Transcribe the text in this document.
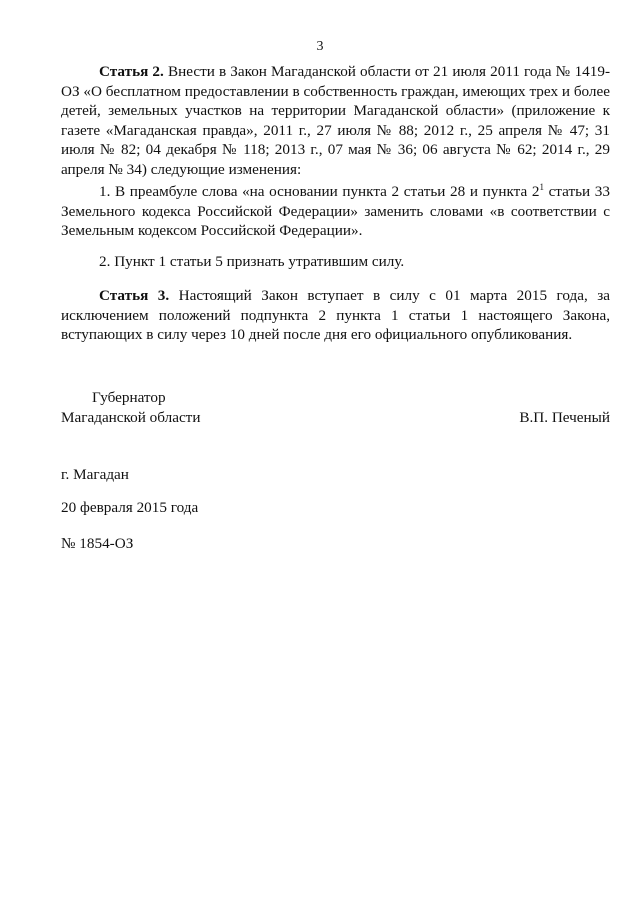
3

Статья 2. Внести в Закон Магаданской области от 21 июля 2011 года № 1419-ОЗ «О бесплатном предоставлении в собственность граждан, имеющих трех и более детей, земельных участков на территории Магаданской области» (приложение к газете «Магаданская правда», 2011 г., 27 июля № 88; 2012 г., 25 апреля № 47; 31 июля № 82; 04 декабря № 118; 2013 г., 07 мая № 36; 06 августа № 62; 2014 г., 29 апреля № 34) следующие изменения:

1. В преамбуле слова «на основании пункта 2 статьи 28 и пункта $2^1$ статьи 33 Земельного кодекса Российской Федерации» заменить словами «в соответствии с Земельным кодексом Российской Федерации».

2. Пункт 1 статьи 5 признать утратившим силу.

Статья 3. Настоящий Закон вступает в силу с 01 марта 2015 года, за исключением положений подпункта 2 пункта 1 статьи 1 настоящего Закона, вступающих в силу через 10 дней после дня его официального опубликования.

Губернатор
Магаданской области	В.П. Печеный

г. Магадан

20 февраля 2015 года

№ 1854-ОЗ
